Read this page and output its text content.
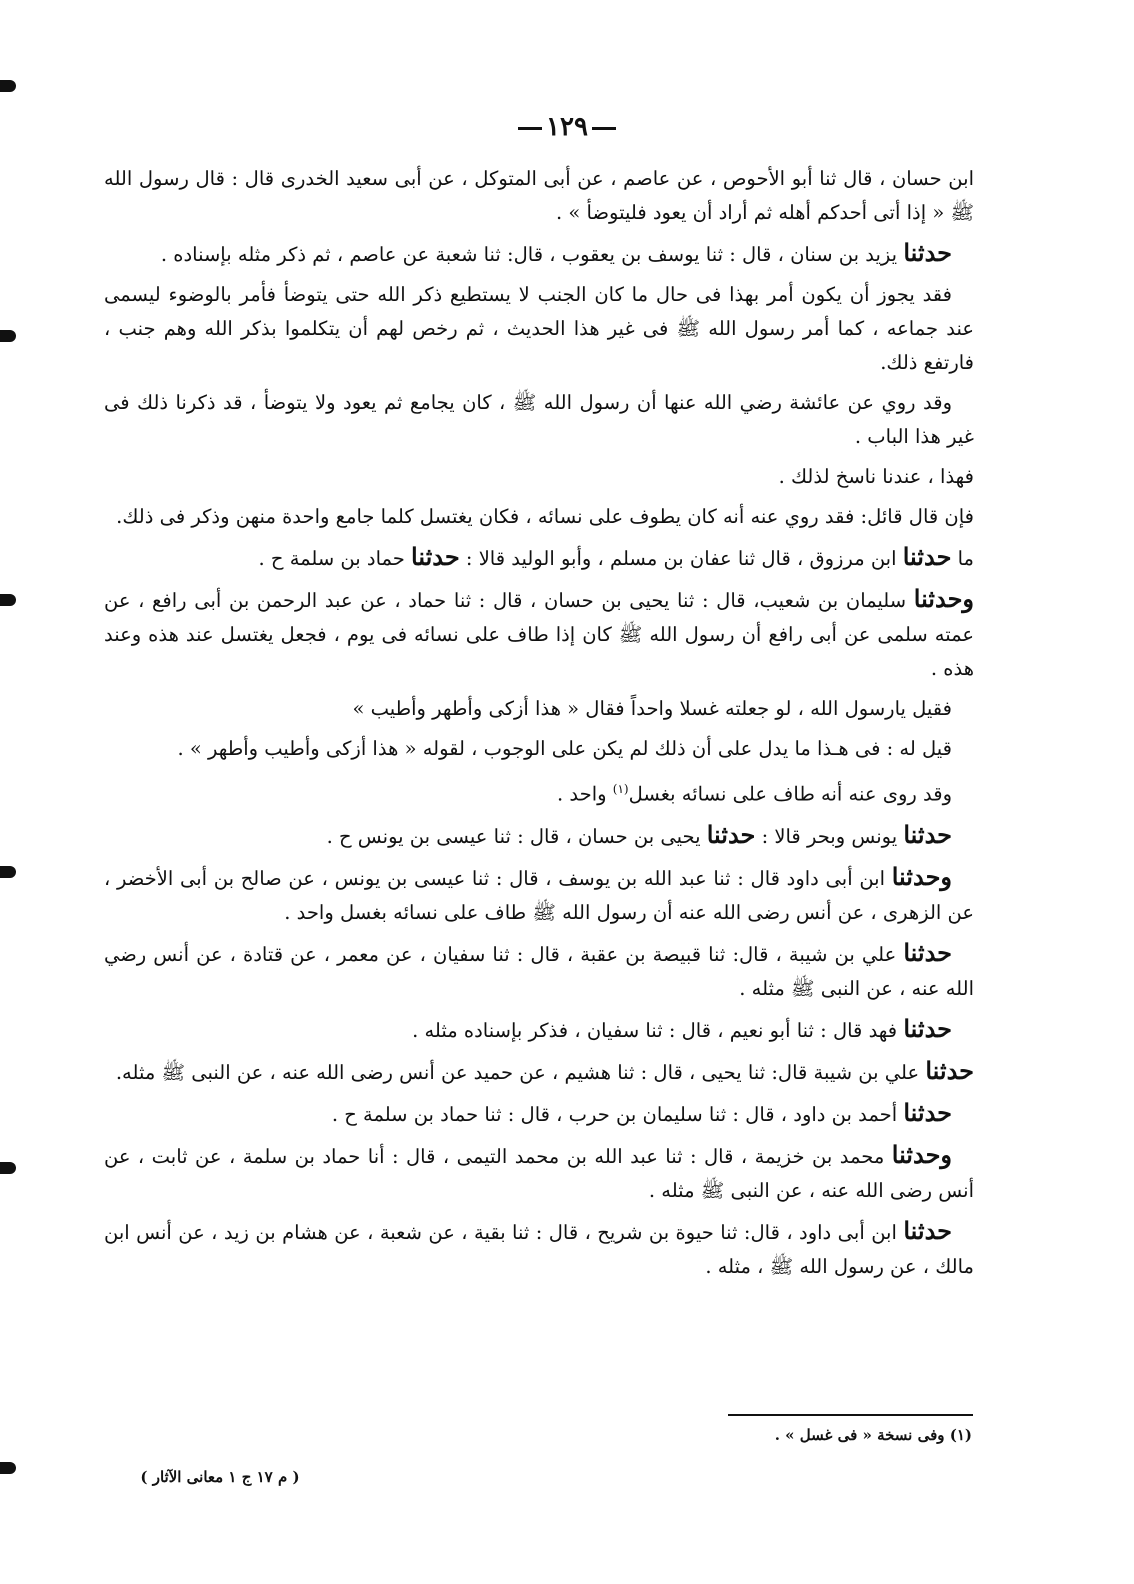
١٢٩

ابن حسان ، قال ثنا أبو الأحوص ، عن عاصم ، عن أبى المتوكل ، عن أبى سعيد الخدرى قال : قال رسول الله ﷺ « إذا أتى أحدكم أهله ثم أراد أن يعود فليتوضأ » .

حدثنا يزيد بن سنان ، قال : ثنا يوسف بن يعقوب ، قال: ثنا شعبة عن عاصم ، ثم ذكر مثله بإسناده .

فقد يجوز أن يكون أمر بهذا فى حال ما كان الجنب لا يستطيع ذكر الله حتى يتوضأ فأمر بالوضوء ليسمى عند جماعه ، كما أمر رسول الله ﷺ فى غير هذا الحديث ، ثم رخص لهم أن يتكلموا بذكر الله وهم جنب ، فارتفع ذلك.

وقد روي عن عائشة رضي الله عنها أن رسول الله ﷺ ، كان يجامع ثم يعود ولا يتوضأ ، قد ذكرنا ذلك فى غير هذا الباب .

فهذا ، عندنا ناسخ لذلك .

فإن قال قائل: فقد روي عنه أنه كان يطوف على نسائه ، فكان يغتسل كلما جامع واحدة منهن وذكر فى ذلك.

ما حدثنا ابن مرزوق ، قال ثنا عفان بن مسلم ، وأبو الوليد قالا : حدثنا حماد بن سلمة ح .

وحدثنا سليمان بن شعيب، قال : ثنا يحيى بن حسان ، قال : ثنا حماد ، عن عبد الرحمن بن أبى رافع ، عن عمته سلمى عن أبى رافع أن رسول الله ﷺ كان إذا طاف على نسائه فى يوم ، فجعل يغتسل عند هذه وعند هذه .

فقيل يارسول الله ، لو جعلته غسلا واحداً فقال « هذا أزكى وأطهر وأطيب »

قيل له : فى هـذا ما يدل على أن ذلك لم يكن على الوجوب ، لقوله « هذا أزكى وأطيب وأطهر » .

وقد روى عنه أنه طاف على نسائه بغسل$^{(١)}$ واحد .

حدثنا يونس وبحر قالا : حدثنا يحيى بن حسان ، قال : ثنا عيسى بن يونس ح .

وحدثنا ابن أبى داود قال : ثنا عبد الله بن يوسف ، قال : ثنا عيسى بن يونس ، عن صالح بن أبى الأخضر ، عن الزهرى ، عن أنس رضى الله عنه أن رسول الله ﷺ طاف على نسائه بغسل واحد .

حدثنا علي بن شيبة ، قال: ثنا قبيصة بن عقبة ، قال : ثنا سفيان ، عن معمر ، عن قتادة ، عن أنس رضي الله عنه ، عن النبى ﷺ مثله .

حدثنا فهد قال : ثنا أبو نعيم ، قال : ثنا سفيان ، فذكر بإسناده مثله .

حدثنا علي بن شيبة قال: ثنا يحيى ، قال : ثنا هشيم ، عن حميد عن أنس رضى الله عنه ، عن النبى ﷺ مثله.

حدثنا أحمد بن داود ، قال : ثنا سليمان بن حرب ، قال : ثنا حماد بن سلمة ح .

وحدثنا محمد بن خزيمة ، قال : ثنا عبد الله بن محمد التيمى ، قال : أنا حماد بن سلمة ، عن ثابت ، عن أنس رضى الله عنه ، عن النبى ﷺ مثله .

حدثنا ابن أبى داود ، قال: ثنا حيوة بن شريح ، قال : ثنا بقية ، عن شعبة ، عن هشام بن زيد ، عن أنس ابن مالك ، عن رسول الله ﷺ ، مثله .

(١) وفى نسخة « فى غسل » .
( م ١٧ ج ١ معانى الآثار )
